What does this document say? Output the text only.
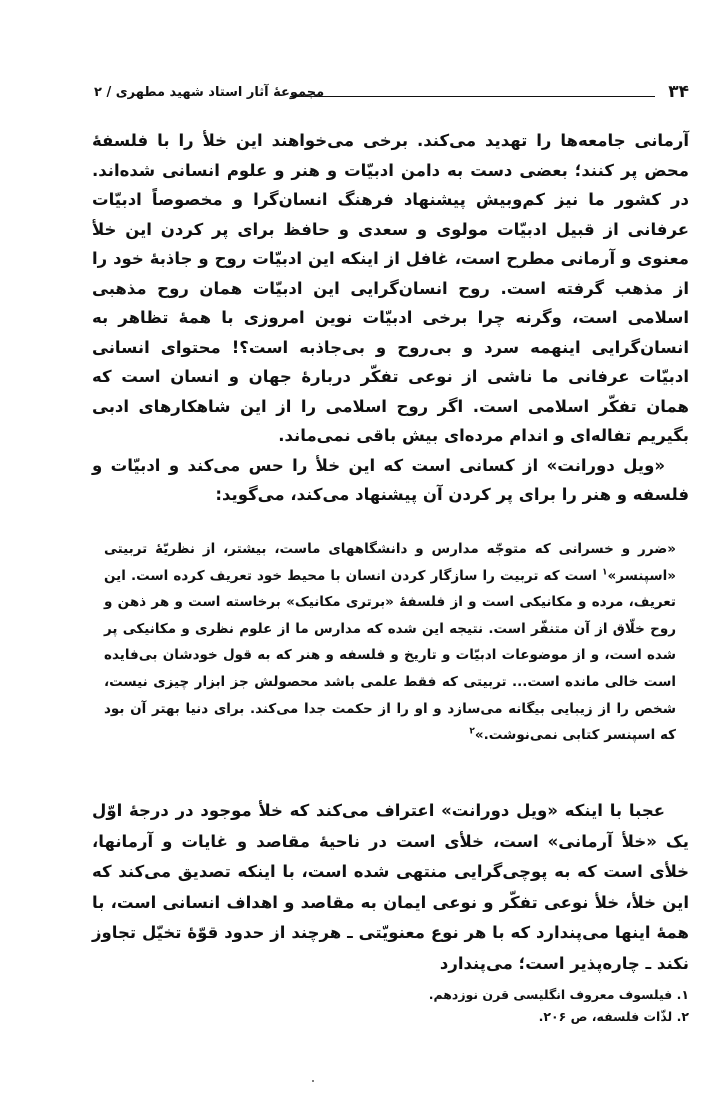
۳۴
مجموعهٔ آثار استاد شهید مطهری / ۲

آرمانی جامعه‌ها را تهدید می‌کند. برخی می‌خواهند این خلأ را با فلسفهٔ محض پر کنند؛ بعضی دست به دامن ادبیّات و هنر و علوم انسانی شده‌اند. در کشور ما نیز کم‌وبیش پیشنهاد فرهنگ انسان‌گرا و مخصوصاً ادبیّات عرفانی از قبیل ادبیّات مولوی و سعدی و حافظ برای پر کردن این خلأ معنوی و آرمانی مطرح است، غافل از اینکه این ادبیّات روح و جاذبهٔ خود را از مذهب گرفته است. روح انسان‌گرایی این ادبیّات همان روح مذهبی اسلامی است، وگرنه چرا برخی ادبیّات نوین امروزی با همهٔ تظاهر به انسان‌گرایی اینهمه سرد و بی‌روح و بی‌جاذبه است؟! محتوای انسانی ادبیّات عرفانی ما ناشی از نوعی تفکّر دربارهٔ جهان و انسان است که همان تفکّر اسلامی است. اگر روح اسلامی را از این شاهکارهای ادبی بگیریم تفاله‌ای و اندام مرده‌ای بیش باقی نمی‌ماند.

«ویل دورانت» از کسانی است که این خلأ را حس می‌کند و ادبیّات و فلسفه و هنر را برای پر کردن آن پیشنهاد می‌کند، می‌گوید:

«ضرر و خسرانی که متوجّه مدارس و دانشگاههای ماست، بیشتر، از نظریّهٔ تربیتی «اسپنسر»$^۱$ است که تربیت را سازگار کردن انسان با محیط خود تعریف کرده است. این تعریف، مرده و مکانیکی است و از فلسفهٔ «برتری مکانیک» برخاسته است و هر ذهن و روح خلّاق از آن متنفّر است. نتیجه این شده که مدارس ما از علوم نظری و مکانیکی پر شده است، و از موضوعات ادبیّات و تاریخ و فلسفه و هنر که به قول خودشان بی‌فایده است خالی مانده است... تربیتی که فقط علمی باشد محصولش جز ابزار چیزی نیست، شخص را از زیبایی بیگانه می‌سازد و او را از حکمت جدا می‌کند. برای دنیا بهتر آن بود که اسپنسر کتابی نمی‌نوشت.»$^۲$

عجبا با اینکه «ویل دورانت» اعتراف می‌کند که خلأ موجود در درجهٔ اوّل یک «خلأ آرمانی» است، خلأی است در ناحیهٔ مقاصد و غایات و آرمانها، خلأی است که به پوچی‌گرایی منتهی شده است، با اینکه تصدیق می‌کند که این خلأ، خلأ نوعی تفکّر و نوعی ایمان به مقاصد و اهداف انسانی است، با همهٔ اینها می‌پندارد که با هر نوع معنویّتی ـ هرچند از حدود قوّهٔ تخیّل تجاوز نکند ـ چاره‌پذیر است؛ می‌پندارد

۱. فیلسوف معروف انگلیسی قرن نوزدهم.
۲. لذّات فلسفه، ص ۲۰۶.
